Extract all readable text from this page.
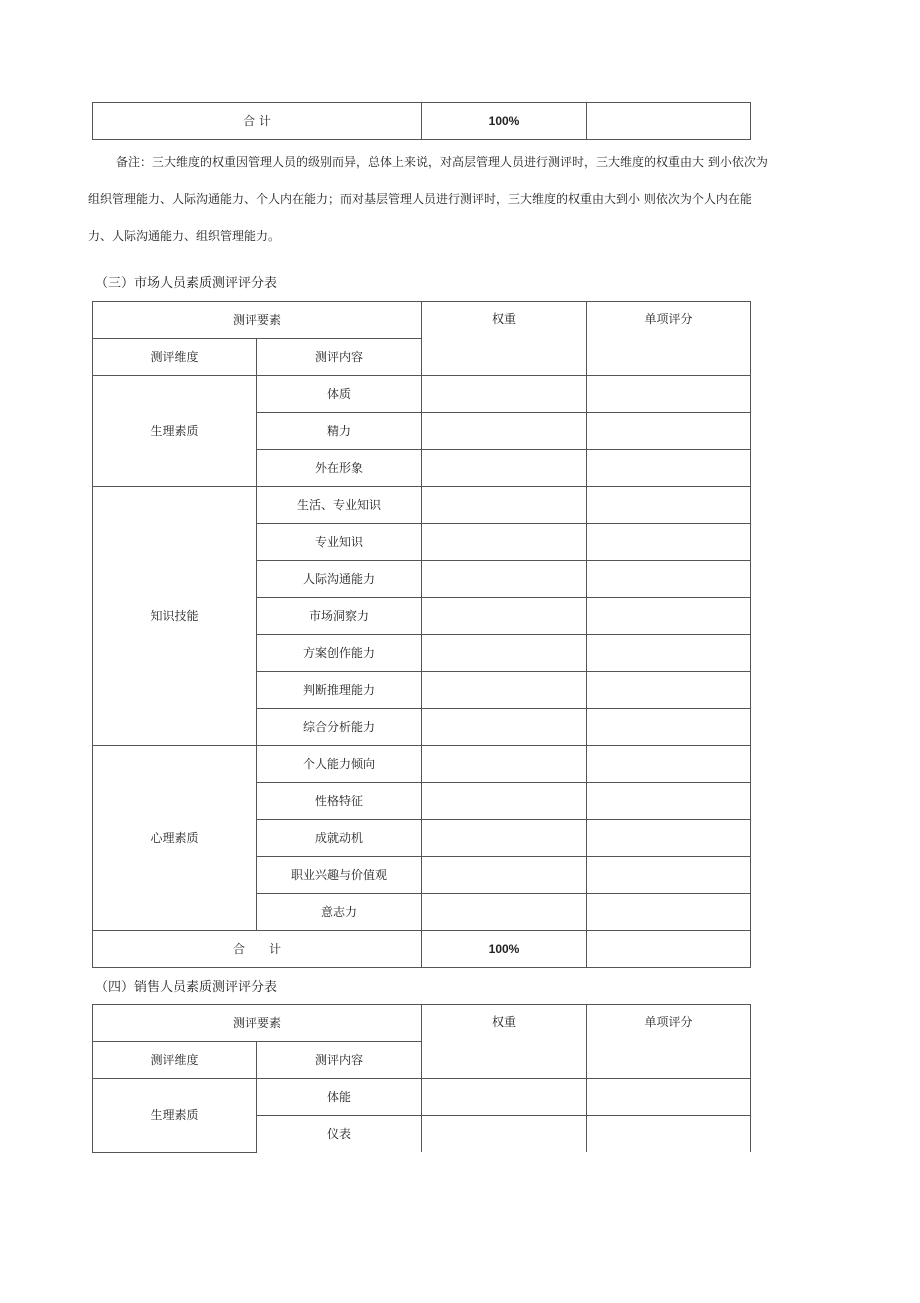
合 计	100%	

备注：三大维度的权重因管理人员的级别而异，总体上来说，对高层管理人员进行测评时，三大维度的权重由大 到小依次为组织管理能力、人际沟通能力、个人内在能力；而对基层管理人员进行测评时，三大维度的权重由大到小 则依次为个人内在能力、人际沟通能力、组织管理能力。

（三）市场人员素质测评评分表

测评要素		权重	单项评分
测评维度	测评内容		
生理素质	体质		
	精力		
	外在形象		
知识技能	生活、专业知识		
	专业知识		
	人际沟通能力		
	市场洞察力		
	方案创作能力		
	判断推理能力		
	综合分析能力		
心理素质	个人能力倾向		
	性格特征		
	成就动机		
	职业兴趣与价值观		
	意志力		
合　　计		100%	

（四）销售人员素质测评评分表

测评要素		权重	单项评分
测评维度	测评内容		
生理素质	体能		
	仪表		
